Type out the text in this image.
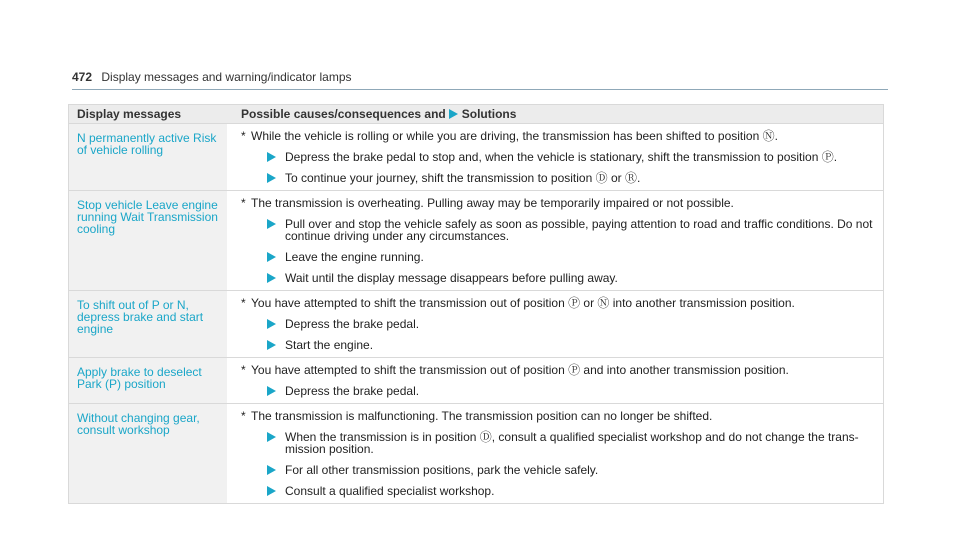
472 Display messages and warning/indicator lamps
Display messages	Possible causes/consequences and Solutions
N permanently active Risk
of vehicle rolling
* While the vehicle is rolling or while you are driving, the transmission has been shifted to position Ⓝ.
Depress the brake pedal to stop and, when the vehicle is stationary, shift the transmission to position Ⓟ.
To continue your journey, shift the transmission to position Ⓓ or Ⓡ.
Stop vehicle Leave engine
running Wait Transmission
cooling
* The transmission is overheating. Pulling away may be temporarily impaired or not possible.
Pull over and stop the vehicle safely as soon as possible, paying attention to road and traffic conditions. Do not
continue driving under any circumstances.
Leave the engine running.
Wait until the display message disappears before pulling away.
To shift out of P or N,
depress brake and start
engine
* You have attempted to shift the transmission out of position Ⓟ or Ⓝ into another transmission position.
Depress the brake pedal.
Start the engine.
Apply brake to deselect
Park (P) position
* You have attempted to shift the transmission out of position Ⓟ and into another transmission position.
Depress the brake pedal.
Without changing gear,
consult workshop
* The transmission is malfunctioning. The transmission position can no longer be shifted.
When the transmission is in position Ⓓ, consult a qualified specialist workshop and do not change the trans-
mission position.
For all other transmission positions, park the vehicle safely.
Consult a qualified specialist workshop.
